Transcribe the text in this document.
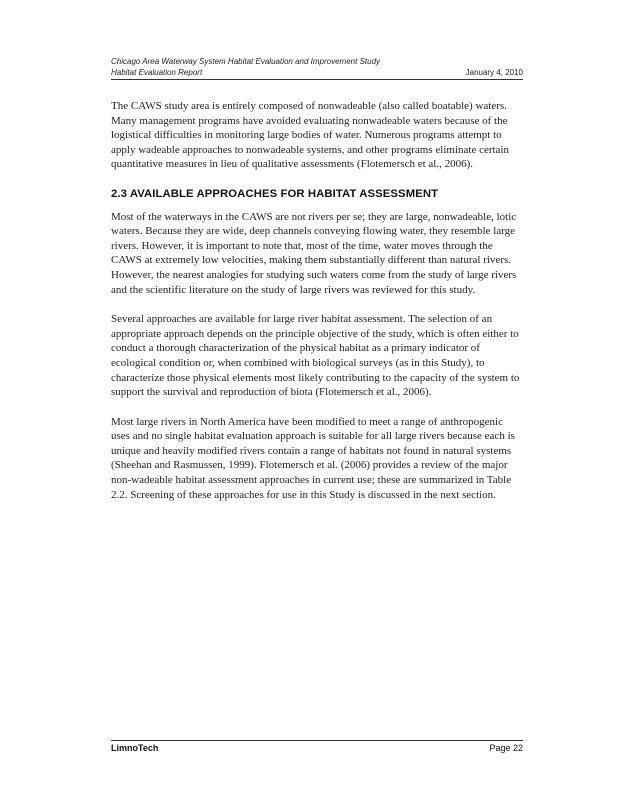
Chicago Area Waterway System Habitat Evaluation and Improvement Study
Habitat Evaluation Report	January 4, 2010

The CAWS study area is entirely composed of nonwadeable (also called boatable) waters. Many management programs have avoided evaluating nonwadeable waters because of the logistical difficulties in monitoring large bodies of water. Numerous programs attempt to apply wadeable approaches to nonwadeable systems, and other programs eliminate certain quantitative measures in lieu of qualitative assessments (Flotemersch et al., 2006).

2.3 AVAILABLE APPROACHES FOR HABITAT ASSESSMENT

Most of the waterways in the CAWS are not rivers per se; they are large, nonwadeable, lotic waters. Because they are wide, deep channels conveying flowing water, they resemble large rivers. However, it is important to note that, most of the time, water moves through the CAWS at extremely low velocities, making them substantially different than natural rivers. However, the nearest analogies for studying such waters come from the study of large rivers and the scientific literature on the study of large rivers was reviewed for this study.

Several approaches are available for large river habitat assessment. The selection of an appropriate approach depends on the principle objective of the study, which is often either to conduct a thorough characterization of the physical habitat as a primary indicator of ecological condition or, when combined with biological surveys (as in this Study), to characterize those physical elements most likely contributing to the capacity of the system to support the survival and reproduction of biota (Flotemersch et al., 2006).

Most large rivers in North America have been modified to meet a range of anthropogenic uses and no single habitat evaluation approach is suitable for all large rivers because each is unique and heavily modified rivers contain a range of habitats not found in natural systems (Sheehan and Rasmussen, 1999). Flotemersch et al. (2006) provides a review of the major non-wadeable habitat assessment approaches in current use; these are summarized in Table 2.2. Screening of these approaches for use in this Study is discussed in the next section.

LimnoTech	Page 22
